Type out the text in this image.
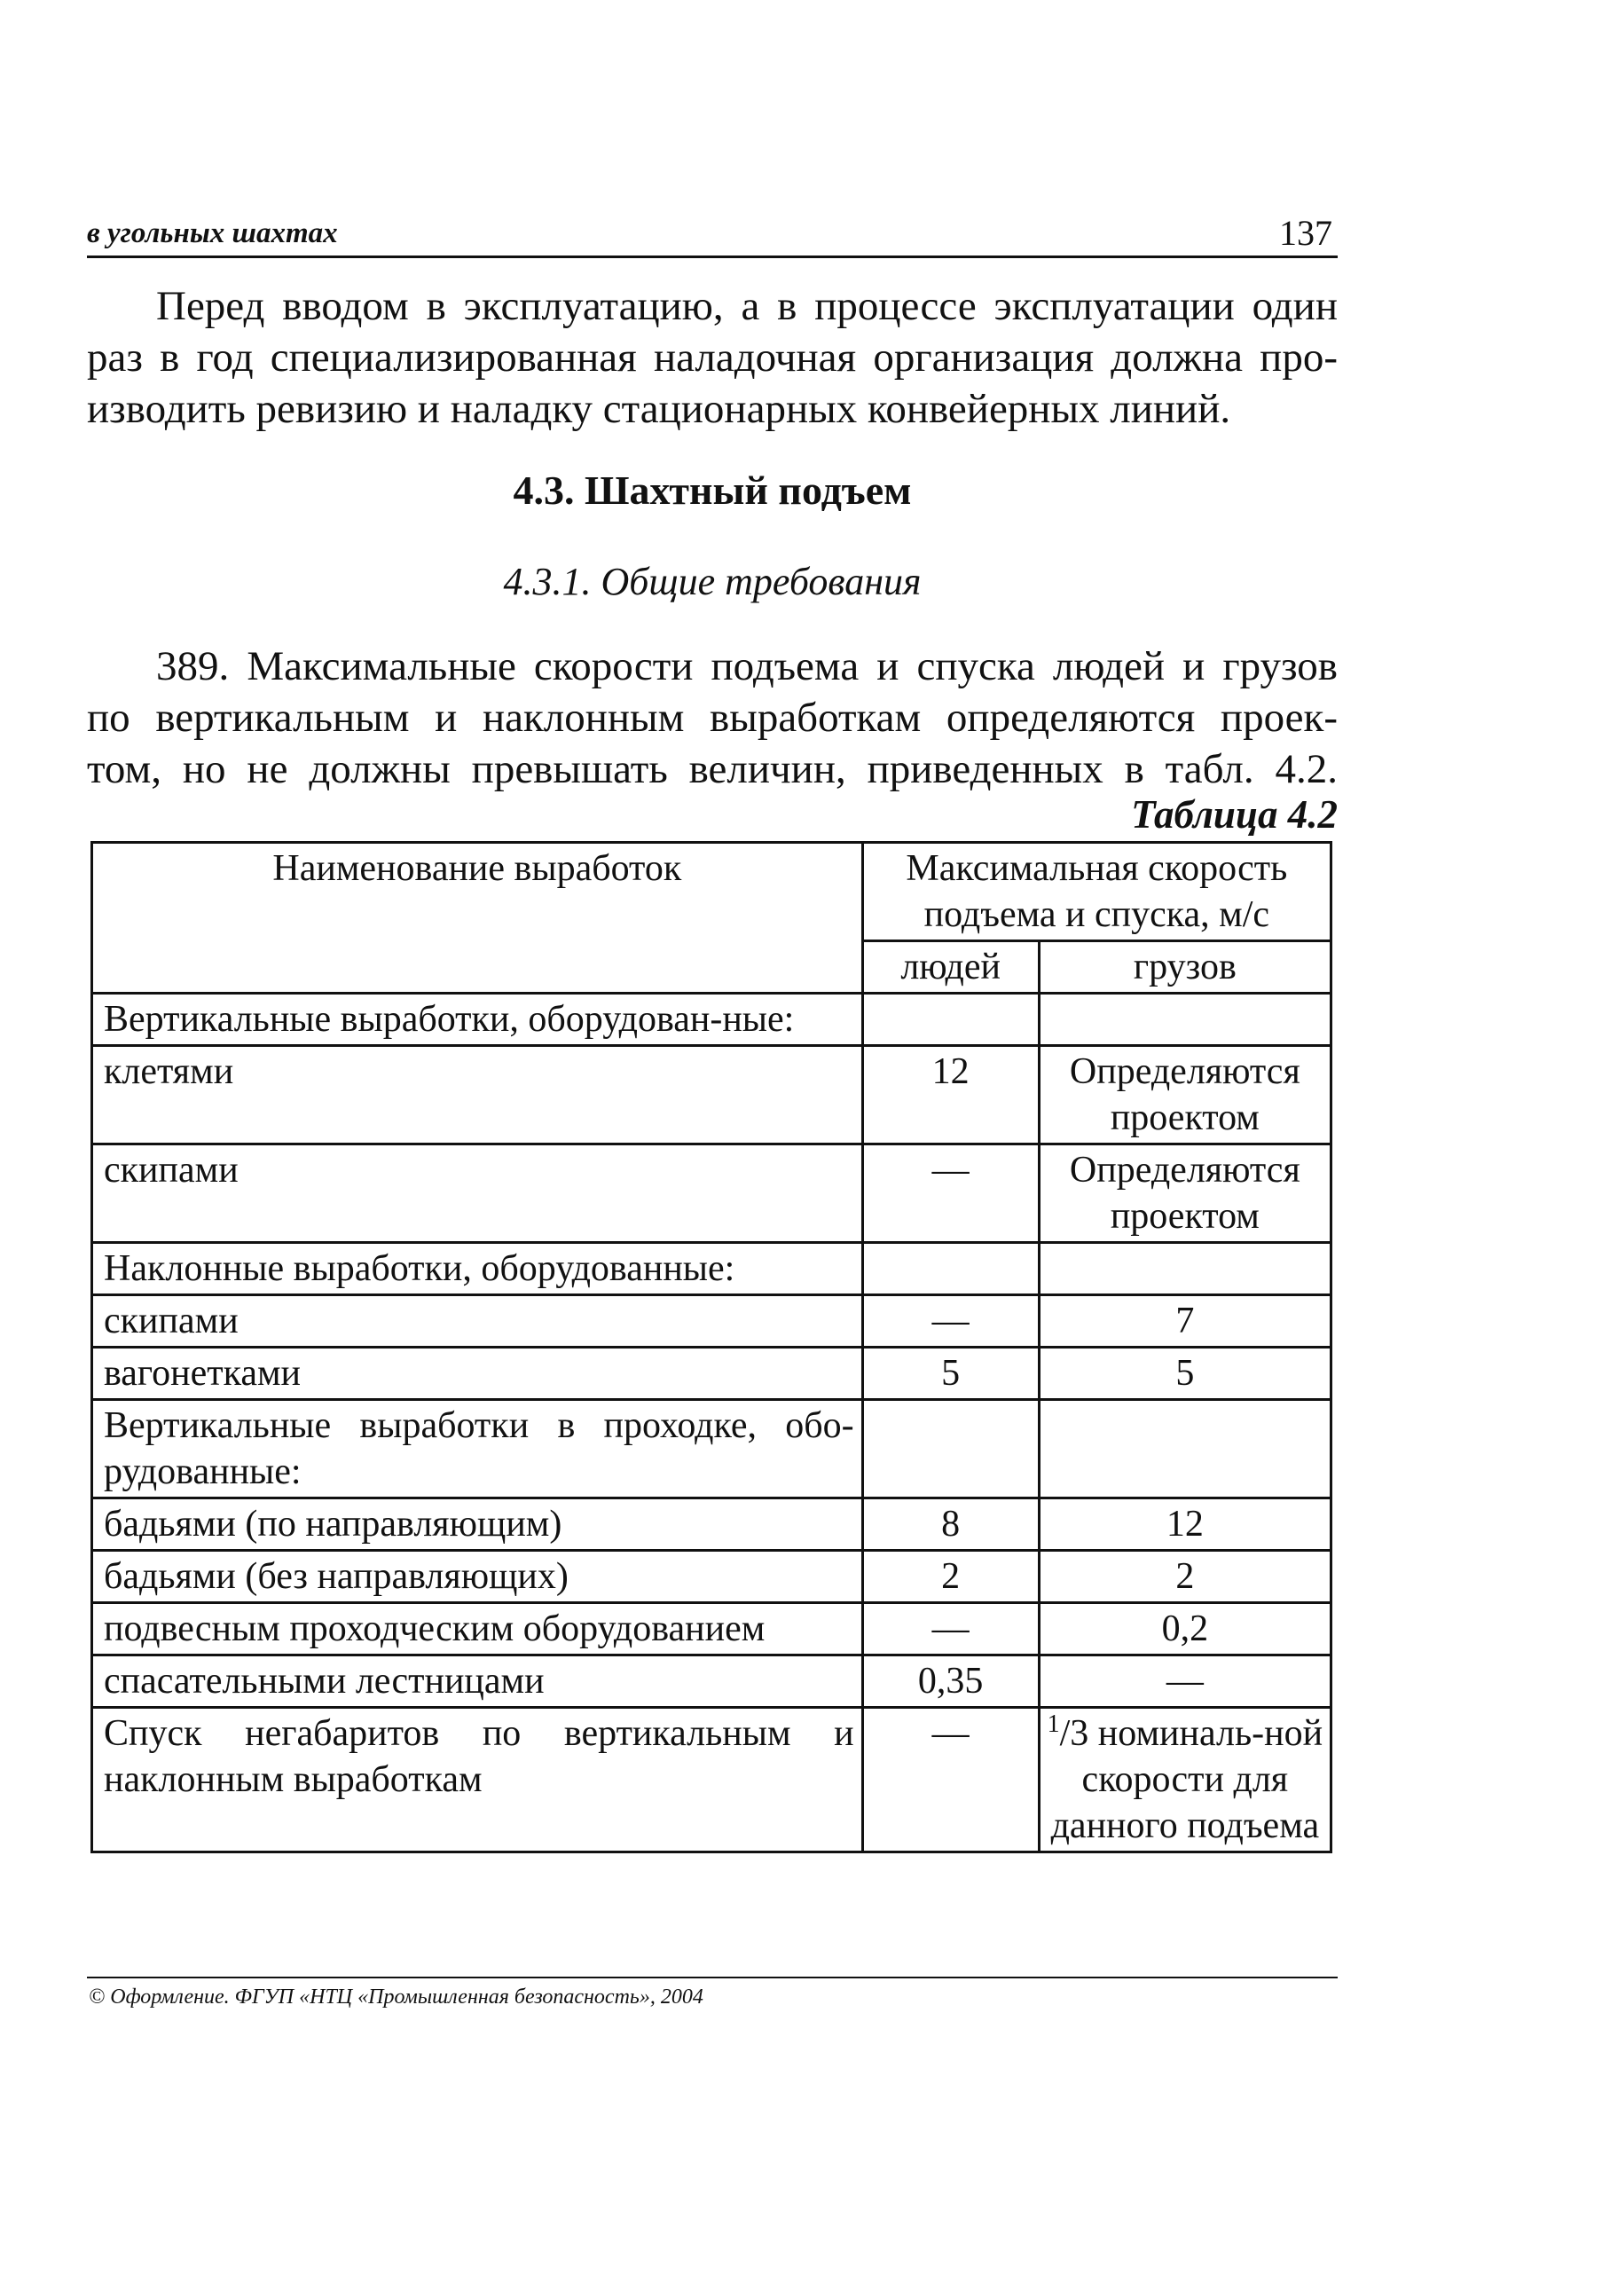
в угольных шахтах	137
Перед вводом в эксплуатацию, а в процессе эксплуатации один
раз в год специализированная наладочная организация должна про-
изводить ревизию и наладку стационарных конвейерных линий.
4.3. Шахтный подъем
4.3.1. Общие требования
389. Максимальные скорости подъема и спуска людей и грузов
по вертикальным и наклонным выработкам определяются проек-
том, но не должны превышать величин, приведенных в табл. 4.2.
Таблица 4.2
Наименование выработок	Максимальная скорость подъема и спуска, м/с	
	людей	грузов
Вертикальные выработки, оборудован-ные:		
клетями	12	Определяются проектом
скипами	—	Определяются проектом
Наклонные выработки, оборудованные:		
скипами	—	7
вагонетками	5	5
Вертикальные выработки в проходке, обо-рудованные:		
бадьями (по направляющим)	8	12
бадьями (без направляющих)	2	2
подвесным проходческим оборудованием	—	0,2
спасательными лестницами	0,35	—
Спуск негабаритов по вертикальным и наклонным выработкам	—	$^1$/3 номиналь-ной скорости для данного подъема
© Оформление. ФГУП «НТЦ «Промышленная безопасность», 2004
